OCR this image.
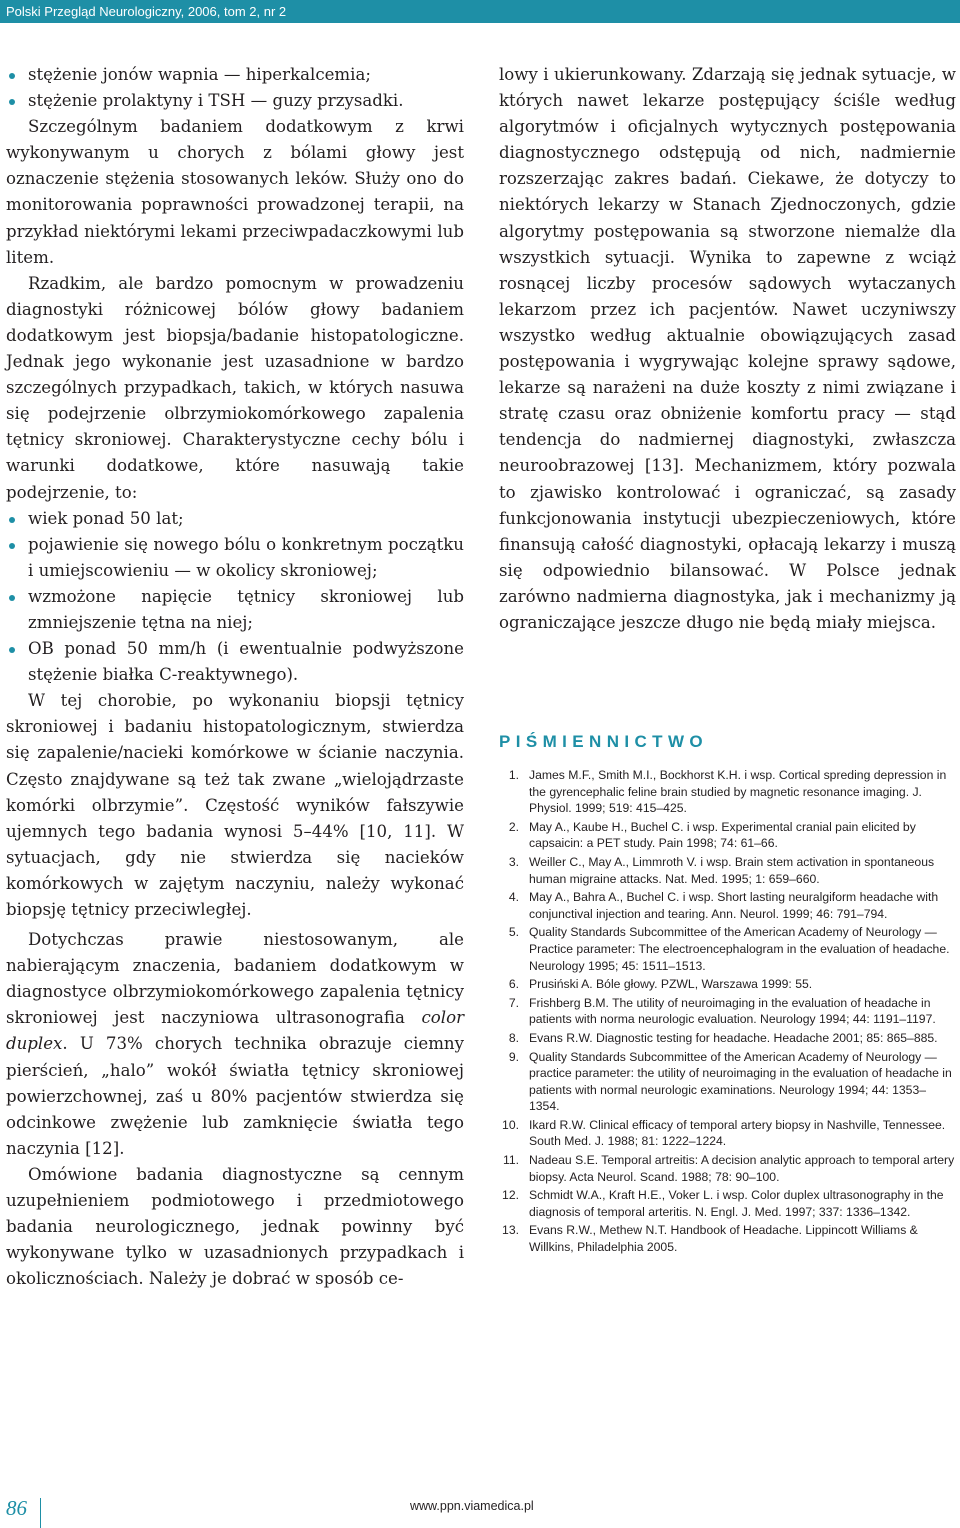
Polski Przegląd Neurologiczny, 2006, tom 2, nr 2
stężenie jonów wapnia — hiperkalcemia;
stężenie prolaktyny i TSH — guzy przysadki.

Szczególnym badaniem dodatkowym z krwi wykonywanym u chorych z bólami głowy jest oznaczenie stężenia stosowanych leków. Służy ono do monitorowania poprawności prowadzonej terapii, na przykład niektórymi lekami przeciwpadaczkowymi lub litem.

Rzadkim, ale bardzo pomocnym w prowadzeniu diagnostyki różnicowej bólów głowy badaniem dodatkowym jest biopsja/badanie histopatologiczne. Jednak jego wykonanie jest uzasadnione w bardzo szczególnych przypadkach, takich, w których nasuwa się podejrzenie olbrzymiokomórkowego zapalenia tętnicy skroniowej. Charakterystyczne cechy bólu i warunki dodatkowe, które nasuwają takie podejrzenie, to:

wiek ponad 50 lat;
pojawienie się nowego bólu o konkretnym początku i umiejscowieniu — w okolicy skroniowej;
wzmożone napięcie tętnicy skroniowej lub zmniejszenie tętna na niej;
OB ponad 50 mm/h (i ewentualnie podwyższone stężenie białka C-reaktywnego).

W tej chorobie, po wykonaniu biopsji tętnicy skroniowej i badaniu histopatologicznym, stwierdza się zapalenie/nacieki komórkowe w ścianie naczynia. Często znajdywane są też tak zwane „wielojądrzaste komórki olbrzymie”. Częstość wyników fałszywie ujemnych tego badania wynosi 5–44% [10, 11]. W sytuacjach, gdy nie stwierdza się nacieków komórkowych w zajętym naczyniu, należy wykonać biopsję tętnicy przeciwległej.

Dotychczas prawie niestosowanym, ale nabierającym znaczenia, badaniem dodatkowym w diagnostyce olbrzymiokomórkowego zapalenia tętnicy skroniowej jest naczyniowa ultrasonografia color duplex. U 73% chorych technika obrazuje ciemny pierścień, „halo” wokół światła tętnicy skroniowej powierzchownej, zaś u 80% pacjentów stwierdza się odcinkowe zwężenie lub zamknięcie światła tego naczynia [12].

Omówione badania diagnostyczne są cennym uzupełnieniem podmiotowego i przedmiotowego badania neurologicznego, jednak powinny być wykonywane tylko w uzasadnionych przypadkach i okolicznościach. Należy je dobrać w sposób ce-

lowy i ukierunkowany. Zdarzają się jednak sytuacje, w których nawet lekarze postępujący ściśle według algorytmów i oficjalnych wytycznych postępowania diagnostycznego odstępują od nich, nadmiernie rozszerzając zakres badań. Ciekawe, że dotyczy to niektórych lekarzy w Stanach Zjednoczonych, gdzie algorytmy postępowania są stworzone niemalże dla wszystkich sytuacji. Wynika to zapewne z wciąż rosnącej liczby procesów sądowych wytaczanych lekarzom przez ich pacjentów. Nawet uczyniwszy wszystko według aktualnie obowiązujących zasad postępowania i wygrywając kolejne sprawy sądowe, lekarze są narażeni na duże koszty z nimi związane i stratę czasu oraz obniżenie komfortu pracy — stąd tendencja do nadmiernej diagnostyki, zwłaszcza neuroobrazowej [13]. Mechanizmem, który pozwala to zjawisko kontrolować i ograniczać, są zasady funkcjonowania instytucji ubezpieczeniowych, które finansują całość diagnostyki, opłacają lekarzy i muszą się odpowiednio bilansować. W Polsce jednak zarówno nadmierna diagnostyka, jak i mechanizmy ją ograniczające jeszcze długo nie będą miały miejsca.

PIŚMIENNICTWO
1. James M.F., Smith M.I., Bockhorst K.H. i wsp. Cortical spreding depression in the gyrencephalic feline brain studied by magnetic resonance imaging. J. Physiol. 1999; 519: 415–425.
2. May A., Kaube H., Buchel C. i wsp. Experimental cranial pain elicited by capsaicin: a PET study. Pain 1998; 74: 61–66.
3. Weiller C., May A., Limmroth V. i wsp. Brain stem activation in spontaneous human migraine attacks. Nat. Med. 1995; 1: 659–660.
4. May A., Bahra A., Buchel C. i wsp. Short lasting neuralgiform headache with conjunctival injection and tearing. Ann. Neurol. 1999; 46: 791–794.
5. Quality Standards Subcommittee of the American Academy of Neurology — Practice parameter: The electroencephalogram in the evaluation of headache. Neurology 1995; 45: 1511–1513.
6. Prusiński A. Bóle głowy. PZWL, Warszawa 1999: 55.
7. Frishberg B.M. The utility of neuroimaging in the evaluation of headache in patients with norma neurologic evaluation. Neurology 1994; 44: 1191–1197.
8. Evans R.W. Diagnostic testing for headache. Headache 2001; 85: 865–885.
9. Quality Standards Subcommittee of the American Academy of Neurology — practice parameter: the utility of neuroimaging in the evaluation of headache in patients with normal neurologic examinations. Neurology 1994; 44: 1353–1354.
10. Ikard R.W. Clinical efficacy of temporal artery biopsy in Nashville, Tennessee. South Med. J. 1988; 81: 1222–1224.
11. Nadeau S.E. Temporal artreitis: A decision analytic approach to temporal artery biopsy. Acta Neurol. Scand. 1988; 78: 90–100.
12. Schmidt W.A., Kraft H.E., Voker L. i wsp. Color duplex ultrasonography in the diagnosis of temporal arteritis. N. Engl. J. Med. 1997; 337: 1336–1342.
13. Evans R.W., Methew N.T. Handbook of Headache. Lippincott Williams & Willkins, Philadelphia 2005.
86	www.ppn.viamedica.pl
